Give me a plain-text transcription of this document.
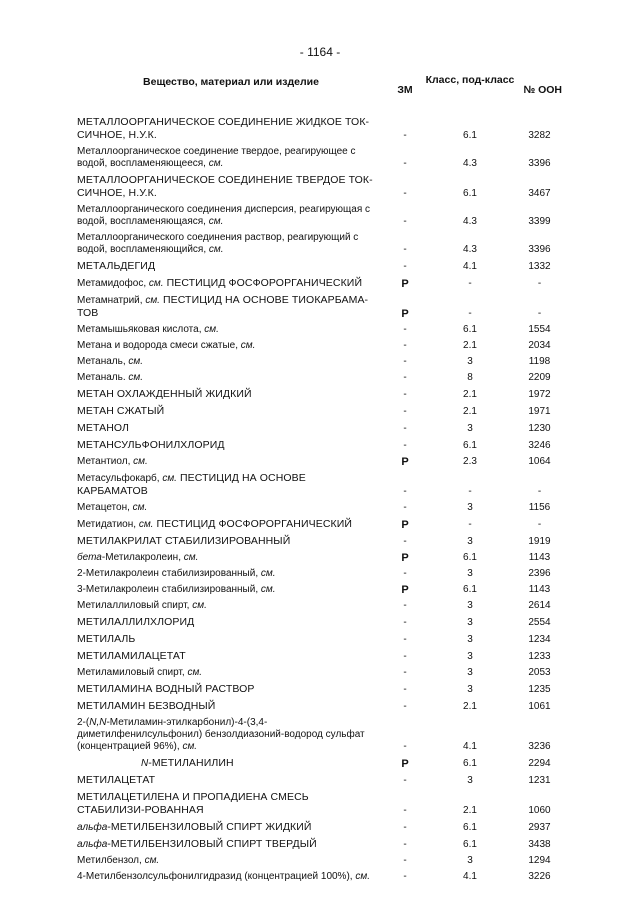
- 1164 -
Вещество, материал или изделие	ЗМ	Класс, под-класс	№ ООН
МЕТАЛЛООРГАНИЧЕСКОЕ СОЕДИНЕНИЕ ЖИДКОЕ ТОК-СИЧНОЕ, Н.У.К.	-	6.1	3282
Металлоорганическое соединение твердое, реагирующее с водой, воспламеняющееся, см.	-	4.3	3396
МЕТАЛЛООРГАНИЧЕСКОЕ СОЕДИНЕНИЕ ТВЕРДОЕ ТОК-СИЧНОЕ, Н.У.К.	-	6.1	3467
Металлоорганического соединения дисперсия, реагирующая с водой, воспламеняющаяся, см.	-	4.3	3399
Металлоорганического соединения раствор, реагирующий с водой, воспламеняющийся, см.	-	4.3	3396
МЕТАЛЬДЕГИД	-	4.1	1332
Метамидофос, см. ПЕСТИЦИД ФОСФОРОРГАНИЧЕСКИЙ	P	-	-
Метамнатрий, см. ПЕСТИЦИД НА ОСНОВЕ ТИОКАРБАМА-ТОВ	P	-	-
Метамышьяковая кислота, см.	-	6.1	1554
Метана и водорода смеси сжатые, см.	-	2.1	2034
Метаналь, см.	-	3	1198
Метаналь. см.	-	8	2209
МЕТАН ОХЛАЖДЕННЫЙ ЖИДКИЙ	-	2.1	1972
МЕТАН СЖАТЫЙ	-	2.1	1971
МЕТАНОЛ	-	3	1230
МЕТАНСУЛЬФОНИЛХЛОРИД	-	6.1	3246
Метантиол, см.	P	2.3	1064
Метасульфокарб, см. ПЕСТИЦИД НА ОСНОВЕ КАРБАМАТОВ	-	-	-
Метацетон, см.	-	3	1156
Метидатион, см. ПЕСТИЦИД ФОСФОРОРГАНИЧЕСКИЙ	P	-	-
МЕТИЛАКРИЛАТ СТАБИЛИЗИРОВАННЫЙ	-	3	1919
бета-Метилакролеин, см.	P	6.1	1143
2-Метилакролеин стабилизированный, см.	-	3	2396
3-Метилакролеин стабилизированный, см.	P	6.1	1143
Метилаллиловый спирт, см.	-	3	2614
МЕТИЛАЛЛИЛХЛОРИД	-	3	2554
МЕТИЛАЛЬ	-	3	1234
МЕТИЛАМИЛАЦЕТАТ	-	3	1233
Метиламиловый спирт, см.	-	3	2053
МЕТИЛАМИНА ВОДНЫЙ РАСТВОР	-	3	1235
МЕТИЛАМИН БЕЗВОДНЫЙ	-	2.1	1061
2-(N,N-Метиламин-этилкарбонил)-4-(3,4-диметилфенилсульфонил) бензолдиазоний-водород сульфат (концентрацией 96%), см.	-	4.1	3236
N-МЕТИЛАНИЛИН	P	6.1	2294
МЕТИЛАЦЕТАТ	-	3	1231
МЕТИЛАЦЕТИЛЕНА И ПРОПАДИЕНА СМЕСЬ СТАБИЛИЗИ-РОВАННАЯ	-	2.1	1060
альфа-МЕТИЛБЕНЗИЛОВЫЙ СПИРТ ЖИДКИЙ	-	6.1	2937
альфа-МЕТИЛБЕНЗИЛОВЫЙ СПИРТ ТВЕРДЫЙ	-	6.1	3438
Метилбензол, см.	-	3	1294
4-Метилбензолсульфонилгидразид (концентрацией 100%), см.	-	4.1	3226
